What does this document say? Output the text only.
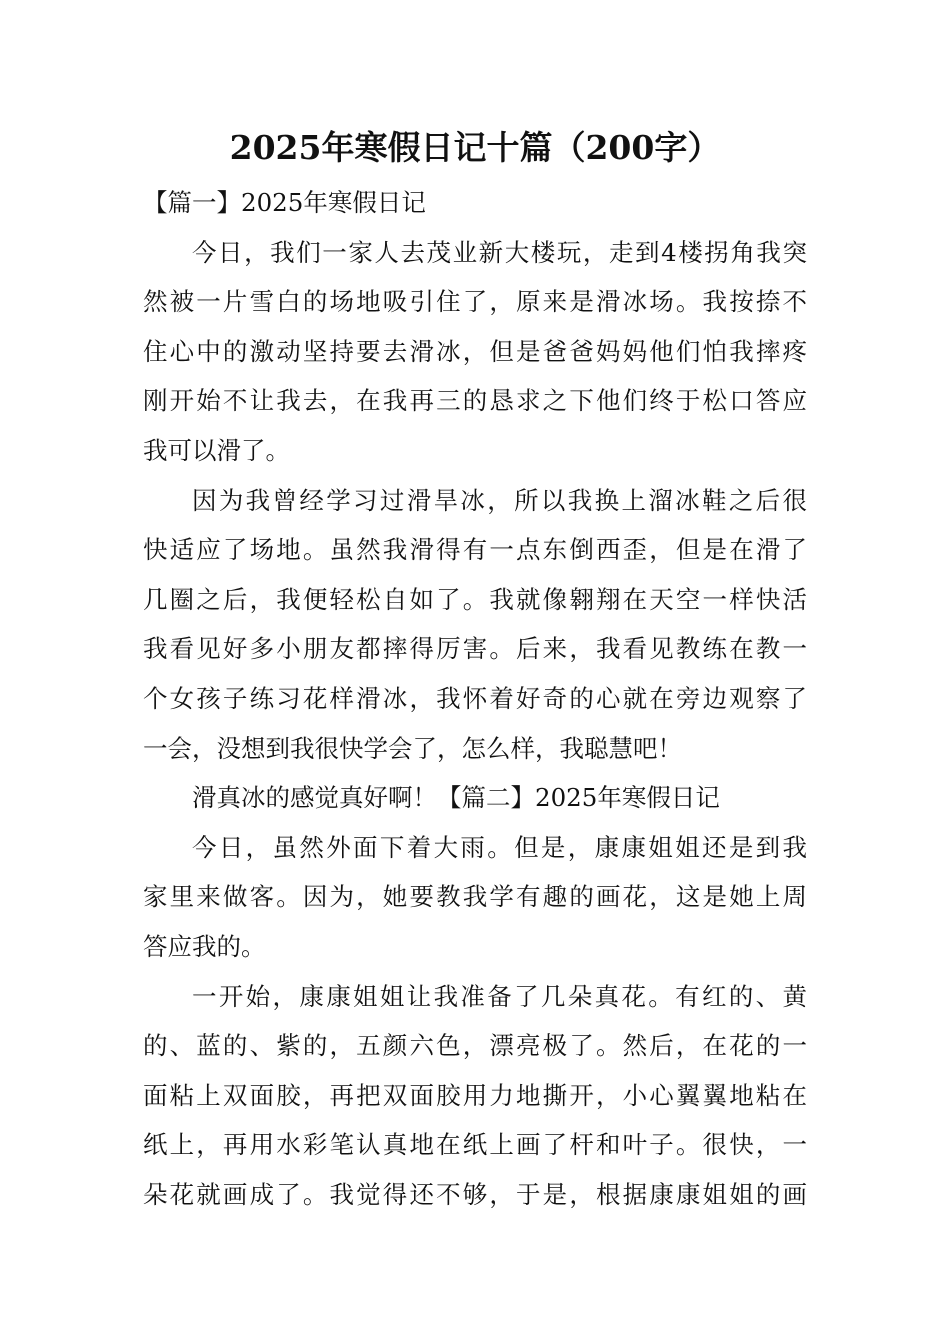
2025年寒假日记十篇（200字）
【篇一】2025年寒假日记
今日，我们一家人去茂业新大楼玩，走到4楼拐角我突
然被一片雪白的场地吸引住了，原来是滑冰场。我按捺不
住心中的激动坚持要去滑冰，但是爸爸妈妈他们怕我摔疼
刚开始不让我去，在我再三的恳求之下他们终于松口答应
我可以滑了。
因为我曾经学习过滑旱冰，所以我换上溜冰鞋之后很
快适应了场地。虽然我滑得有一点东倒西歪，但是在滑了
几圈之后，我便轻松自如了。我就像翱翔在天空一样快活
我看见好多小朋友都摔得厉害。后来，我看见教练在教一
个女孩子练习花样滑冰，我怀着好奇的心就在旁边观察了
一会，没想到我很快学会了，怎么样，我聪慧吧！
滑真冰的感觉真好啊！【篇二】2025年寒假日记
今日，虽然外面下着大雨。但是，康康姐姐还是到我
家里来做客。因为，她要教我学有趣的画花，这是她上周
答应我的。
一开始，康康姐姐让我准备了几朵真花。有红的、黄
的、蓝的、紫的，五颜六色，漂亮极了。然后，在花的一
面粘上双面胶，再把双面胶用力地撕开，小心翼翼地粘在
纸上，再用水彩笔认真地在纸上画了杆和叶子。很快，一
朵花就画成了。我觉得还不够，于是，根据康康姐姐的画
